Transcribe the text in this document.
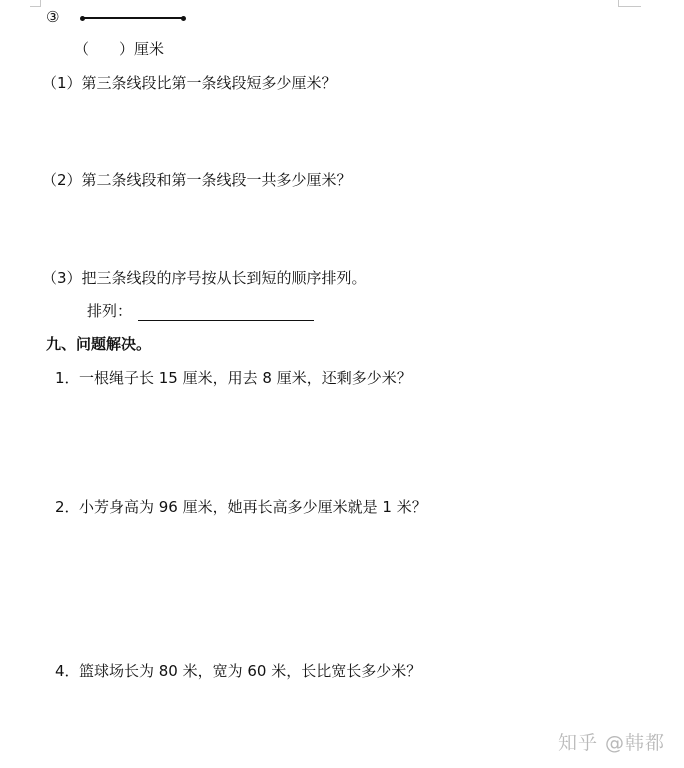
③
（　　）厘米
（1）第三条线段比第一条线段短多少厘米？
（2）第二条线段和第一条线段一共多少厘米？
（3）把三条线段的序号按从长到短的顺序排列。
排列：
九、问题解决。
1． 一根绳子长 15 厘米，用去 8 厘米，还剩多少米？
2． 小芳身高为 96 厘米，她再长高多少厘米就是 1 米？
4． 篮球场长为 80 米，宽为 60 米，长比宽长多少米？
知乎 @韩都
